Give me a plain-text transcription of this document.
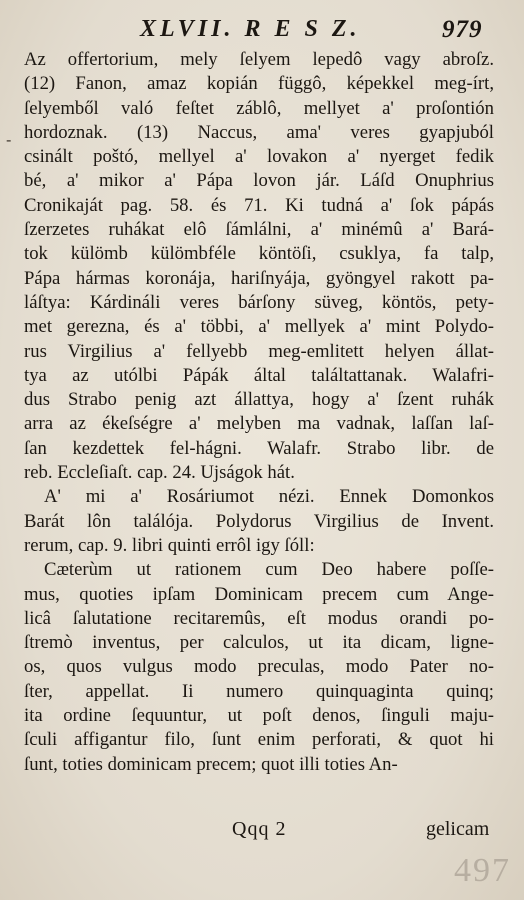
XLVII. R E S Z.	979
-
Az offertorium, mely ſelyem lepedô vagy abroſz.
(12) Fanon, amaz kopián függô, képekkel meg-írt,
ſelyemből való feſtet záblô, mellyet a' proſontión
hordoznak. (13) Naccus, ama' veres gyapjuból
csinált poštó, mellyel a' lovakon a' nyerget fedik
bé, a' mikor a' Pápa lovon jár. Láſd Onuphrius
Cronikaját pag. 58. és 71. Ki tudná a' ſok pápás
ſzerzetes ruhákat elô ſámlálni, a' minémû a' Bará-
tok külömb külömbféle köntöſi, csuklya, fa talp,
Pápa hármas koronája, hariſnyája, gyöngyel rakott pa-
láſtya: Kárdináli veres bárſony süveg, köntös, pety-
met gerezna, és a' többi, a' mellyek a' mint Polydo-
rus Virgilius a' fellyebb meg-emlitett helyen állat-
tya az utólbi Pápák által találtattanak. Walafri-
dus Strabo penig azt állattya, hogy a' ſzent ruhák
arra az ékeſségre a' melyben ma vadnak, laſſan laſ-
ſan kezdettek fel-hágni. Walafr. Strabo libr. de
reb. Eccleſiaſt. cap. 24. Ujságok hát.
A' mi a' Rosáriumot nézi. Ennek Domonkos
Barát lôn találója. Polydorus Virgilius de Invent.
rerum, cap. 9. libri quinti errôl igy ſóll:
Cæterùm ut rationem cum Deo habere poſſe-
mus, quoties ipſam Dominicam precem cum Ange-
licâ ſalutatione recitaremûs, eſt modus orandi po-
ſtremò inventus, per calculos, ut ita dicam, ligne-
os, quos vulgus modo preculas, modo Pater no-
ſter, appellat. Ii numero quinquaginta quinq;
ita ordine ſequuntur, ut poſt denos, ſinguli maju-
ſculi affigantur filo, ſunt enim perforati, & quot hi
ſunt, toties dominicam precem; quot illi toties An-
Qqq 2	gelicam
497
